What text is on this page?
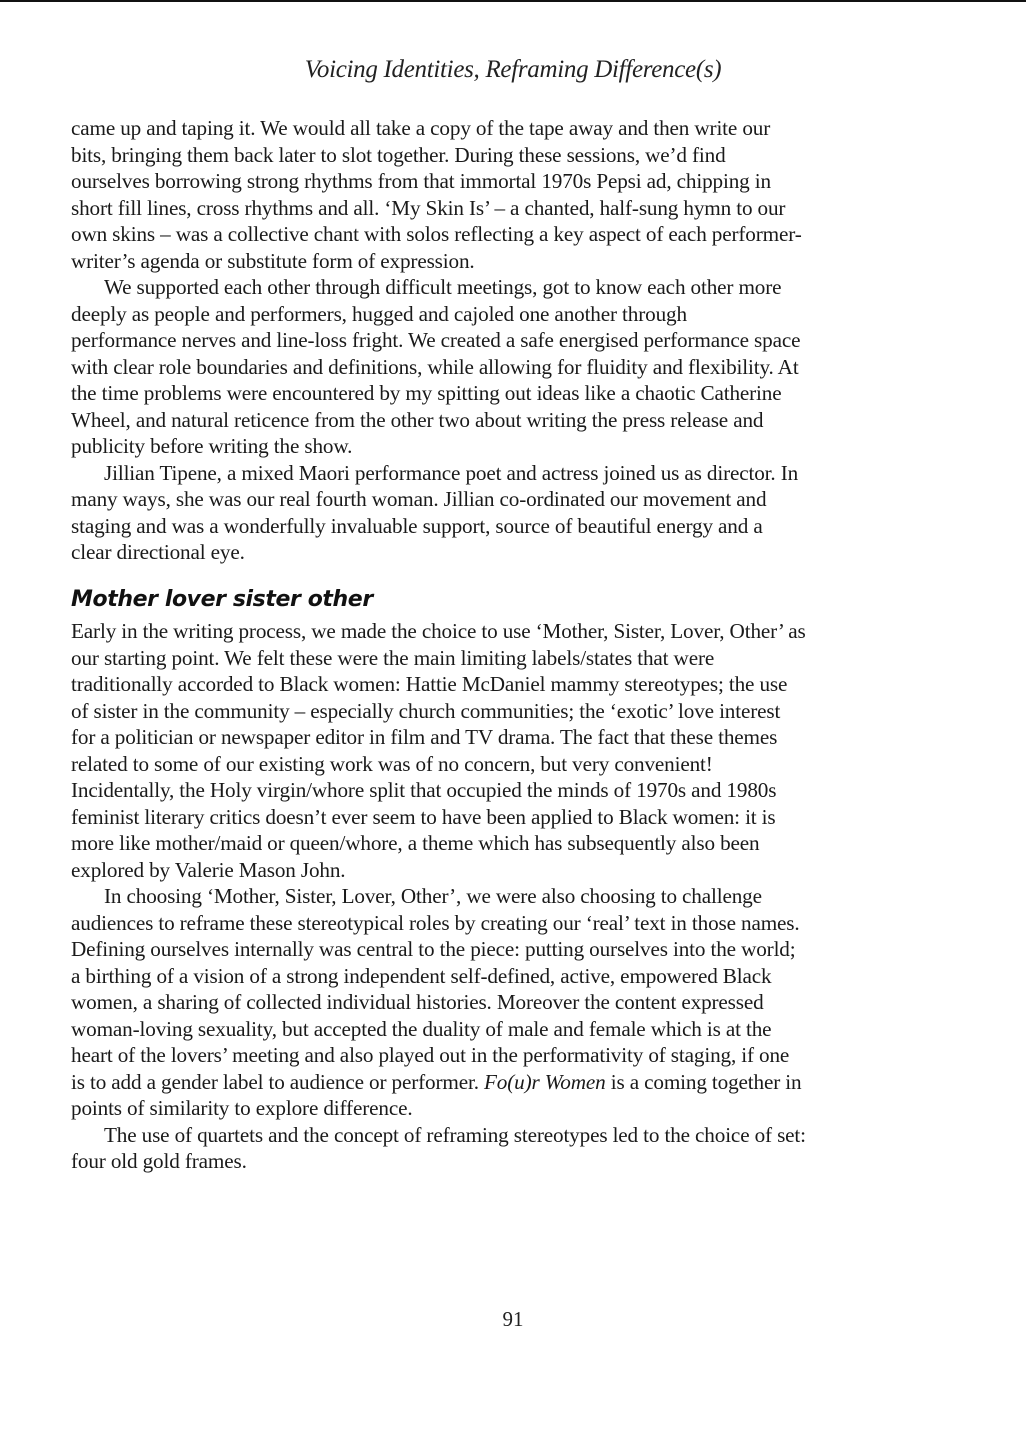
Voicing Identities, Reframing Difference(s)
came up and taping it. We would all take a copy of the tape away and then write our
bits, bringing them back later to slot together. During these sessions, we’d find
ourselves borrowing strong rhythms from that immortal 1970s Pepsi ad, chipping in
short fill lines, cross rhythms and all. ‘My Skin Is’ – a chanted, half-sung hymn to our
own skins – was a collective chant with solos reflecting a key aspect of each performer-
writer’s agenda or substitute form of expression.
We supported each other through difficult meetings, got to know each other more
deeply as people and performers, hugged and cajoled one another through
performance nerves and line-loss fright. We created a safe energised performance space
with clear role boundaries and definitions, while allowing for fluidity and flexibility. At
the time problems were encountered by my spitting out ideas like a chaotic Catherine
Wheel, and natural reticence from the other two about writing the press release and
publicity before writing the show.
Jillian Tipene, a mixed Maori performance poet and actress joined us as director. In
many ways, she was our real fourth woman. Jillian co-ordinated our movement and
staging and was a wonderfully invaluable support, source of beautiful energy and a
clear directional eye.
Mother lover sister other
Early in the writing process, we made the choice to use ‘Mother, Sister, Lover, Other’ as
our starting point. We felt these were the main limiting labels/states that were
traditionally accorded to Black women: Hattie McDaniel mammy stereotypes; the use
of sister in the community – especially church communities; the ‘exotic’ love interest
for a politician or newspaper editor in film and TV drama. The fact that these themes
related to some of our existing work was of no concern, but very convenient!
Incidentally, the Holy virgin/whore split that occupied the minds of 1970s and 1980s
feminist literary critics doesn’t ever seem to have been applied to Black women: it is
more like mother/maid or queen/whore, a theme which has subsequently also been
explored by Valerie Mason John.
In choosing ‘Mother, Sister, Lover, Other’, we were also choosing to challenge
audiences to reframe these stereotypical roles by creating our ‘real’ text in those names.
Defining ourselves internally was central to the piece: putting ourselves into the world;
a birthing of a vision of a strong independent self-defined, active, empowered Black
women, a sharing of collected individual histories. Moreover the content expressed
woman-loving sexuality, but accepted the duality of male and female which is at the
heart of the lovers’ meeting and also played out in the performativity of staging, if one
is to add a gender label to audience or performer. Fo(u)r Women is a coming together in
points of similarity to explore difference.
The use of quartets and the concept of reframing stereotypes led to the choice of set:
four old gold frames.
91
